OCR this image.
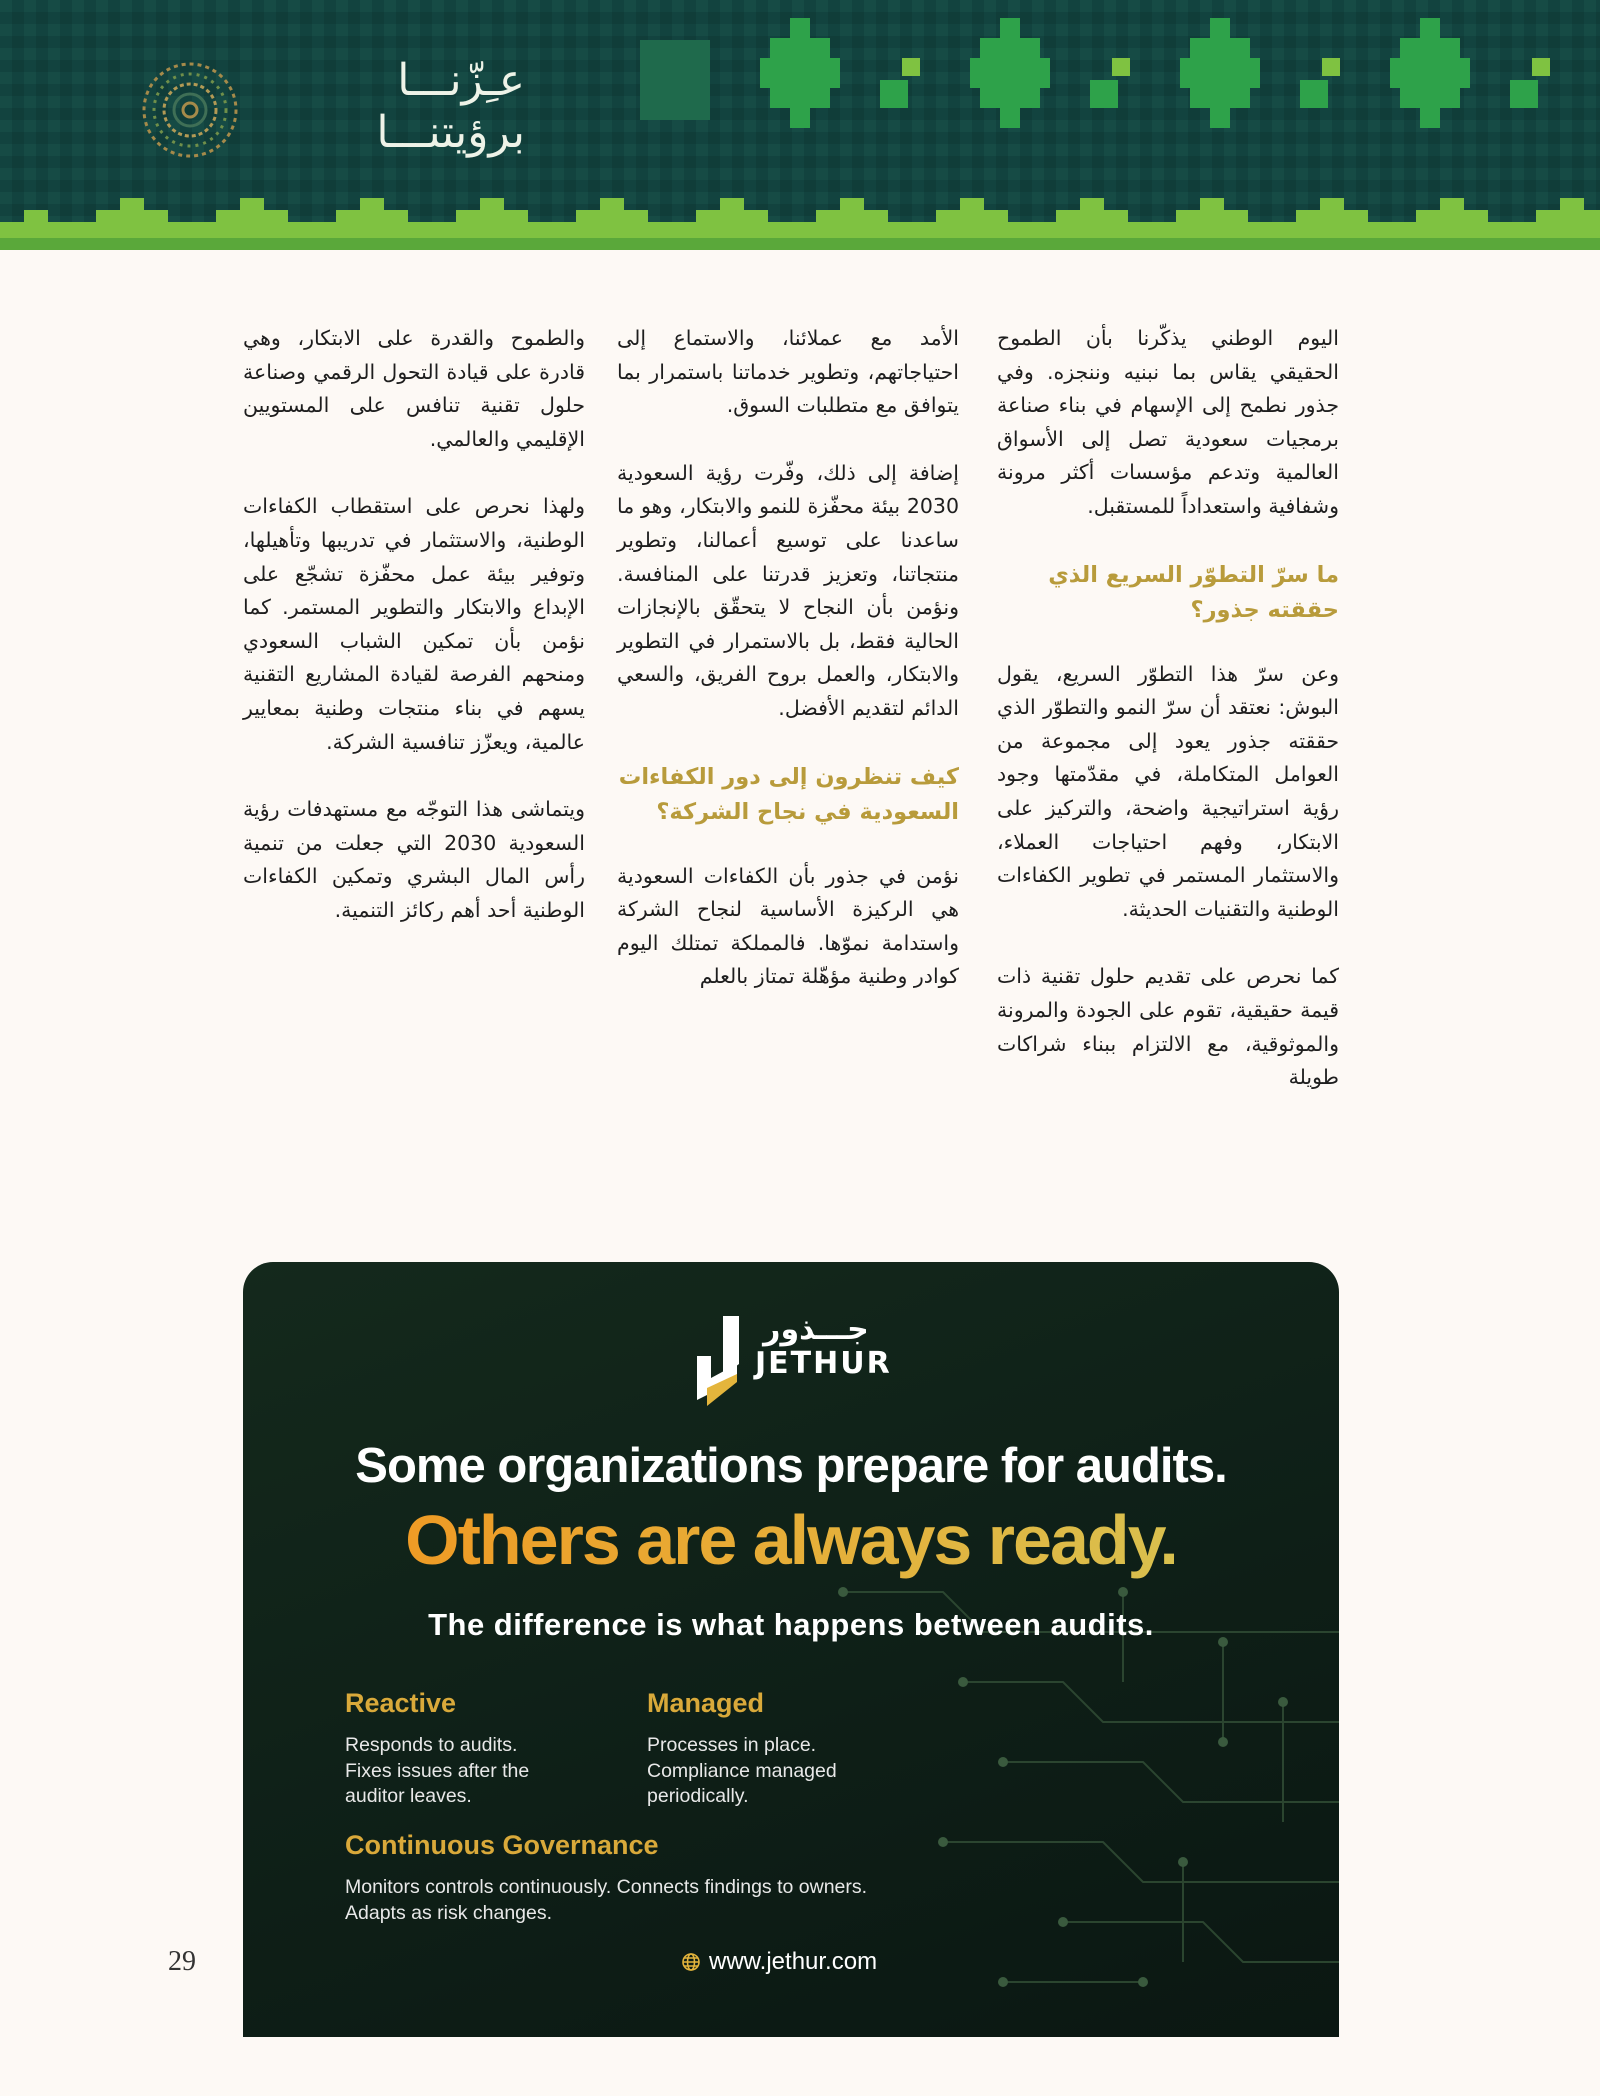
عـِزّنـــا
برؤيتنـــا

اليوم الوطني يذكّرنا بأن الطموح الحقيقي يقاس بما نبنيه وننجزه. وفي جذور نطمح إلى الإسهام في بناء صناعة برمجيات سعودية تصل إلى الأسواق العالمية وتدعم مؤسسات أكثر مرونة وشفافية واستعداداً للمستقبل.

ما سرّ التطوّر السريع الذي حققته جذور؟

وعن سرّ هذا التطوّر السريع، يقول البوش: نعتقد أن سرّ النمو والتطوّر الذي حققته جذور يعود إلى مجموعة من العوامل المتكاملة، في مقدّمتها وجود رؤية استراتيجية واضحة، والتركيز على الابتكار، وفهم احتياجات العملاء، والاستثمار المستمر في تطوير الكفاءات الوطنية والتقنيات الحديثة.

كما نحرص على تقديم حلول تقنية ذات قيمة حقيقية، تقوم على الجودة والمرونة والموثوقية، مع الالتزام ببناء شراكات طويلة

الأمد مع عملائنا، والاستماع إلى احتياجاتهم، وتطوير خدماتنا باستمرار بما يتوافق مع متطلبات السوق.

إضافة إلى ذلك، وفّرت رؤية السعودية 2030 بيئة محفّزة للنمو والابتكار، وهو ما ساعدنا على توسيع أعمالنا، وتطوير منتجاتنا، وتعزيز قدرتنا على المنافسة. ونؤمن بأن النجاح لا يتحقّق بالإنجازات الحالية فقط، بل بالاستمرار في التطوير والابتكار، والعمل بروح الفريق، والسعي الدائم لتقديم الأفضل.

كيف تنظرون إلى دور الكفاءات السعودية في نجاح الشركة؟

نؤمن في جذور بأن الكفاءات السعودية هي الركيزة الأساسية لنجاح الشركة واستدامة نموّها. فالمملكة تمتلك اليوم كوادر وطنية مؤهّلة تمتاز بالعلم

والطموح والقدرة على الابتكار، وهي قادرة على قيادة التحول الرقمي وصناعة حلول تقنية تنافس على المستويين الإقليمي والعالمي.

ولهذا نحرص على استقطاب الكفاءات الوطنية، والاستثمار في تدريبها وتأهيلها، وتوفير بيئة عمل محفّزة تشجّع على الإبداع والابتكار والتطوير المستمر. كما نؤمن بأن تمكين الشباب السعودي ومنحهم الفرصة لقيادة المشاريع التقنية يسهم في بناء منتجات وطنية بمعايير عالمية، ويعزّز تنافسية الشركة.

ويتماشى هذا التوجّه مع مستهدفات رؤية السعودية 2030 التي جعلت من تنمية رأس المال البشري وتمكين الكفاءات الوطنية أحد أهم ركائز التنمية.

جـــذور
JETHUR
Some organizations prepare for audits.
Others are always ready.
The difference is what happens between audits.
Reactive
Responds to audits.
Fixes issues after the
auditor leaves.
Managed
Processes in place.
Compliance managed
periodically.
Continuous Governance
Monitors controls continuously. Connects findings to owners.
Adapts as risk changes.
www.jethur.com
29
